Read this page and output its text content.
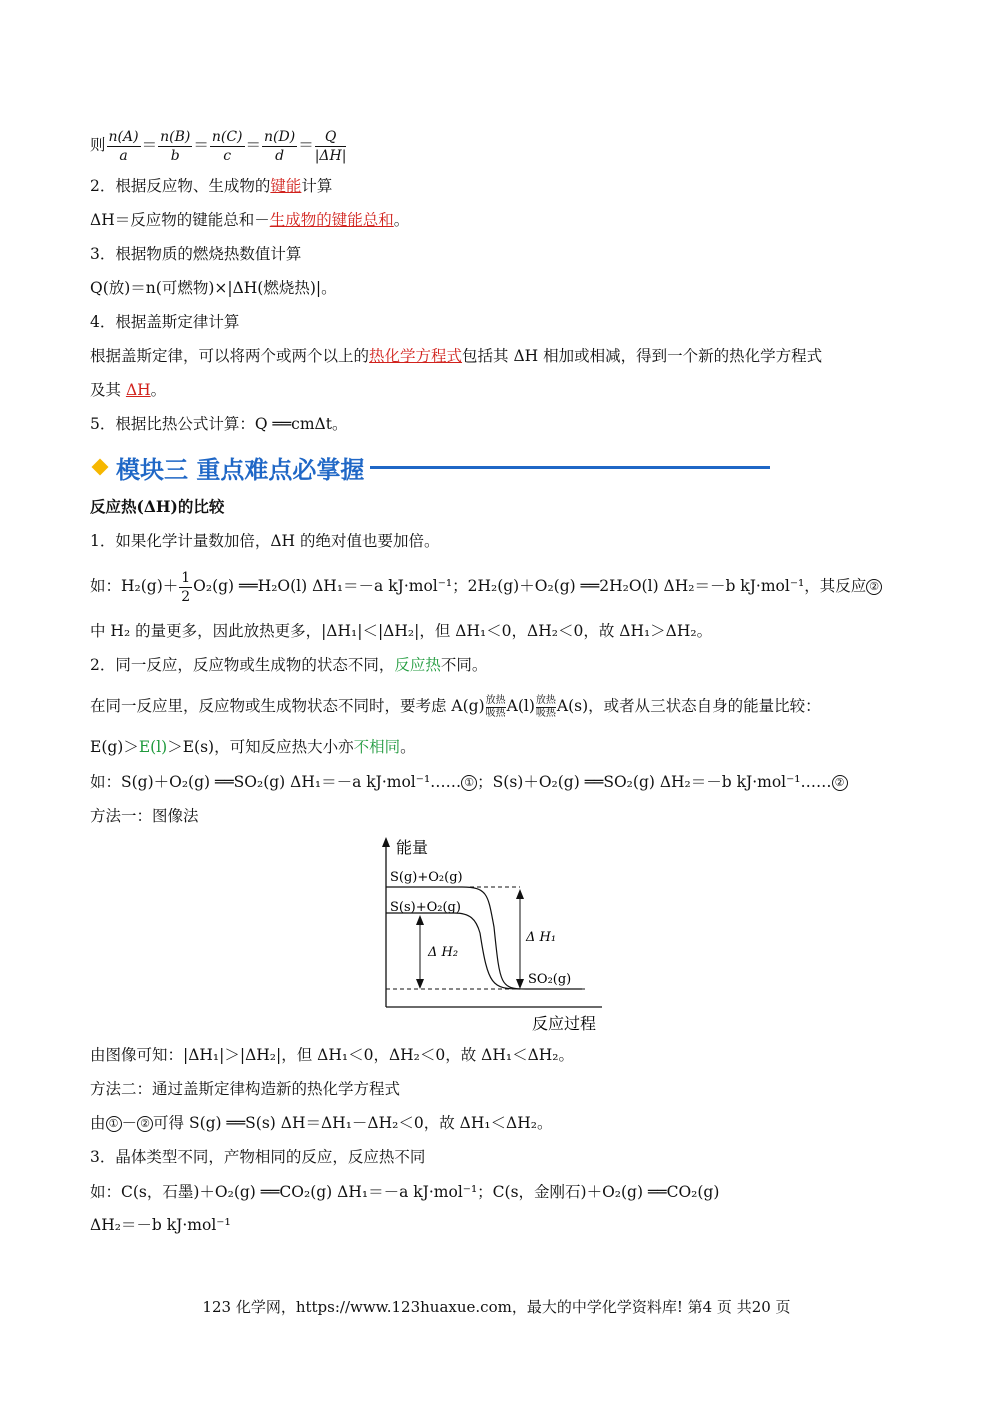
则 $\frac{n(A)}{a} = \frac{n(B)}{b} = \frac{n(C)}{c} = \frac{n(D)}{d} = \frac{Q}{|\Delta H|}$
2．根据反应物、生成物的键能计算
ΔH＝反应物的键能总和－生成物的键能总和。
3．根据物质的燃烧热数值计算
Q(放)＝n(可燃物)×|ΔH(燃烧热)|。
4．根据盖斯定律计算
根据盖斯定律，可以将两个或两个以上的热化学方程式包括其 ΔH 相加或相减，得到一个新的热化学方程式
及其 ΔH。
5．根据比热公式计算：Q ══cmΔt。
模块三 重点难点必掌握
反应热(ΔH)的比较
1．如果化学计量数加倍，ΔH 的绝对值也要加倍。
如：$H_2(g)+ \frac{1}{2} O_2(g)$ ══H₂O(l) ΔH₁＝－a kJ·mol⁻¹；2H₂(g)＋O₂(g) ══2H₂O(l) ΔH₂＝－b kJ·mol⁻¹，其反应 ②
中 H₂ 的量更多，因此放热更多，|ΔH₁|＜|ΔH₂|，但 ΔH₁＜0，ΔH₂＜0，故 ΔH₁＞ΔH₂。
2．同一反应，反应物或生成物的状态不同，反应热不同。
在同一反应里，反应物或生成物状态不同时，要考虑 A(g) 放热
吸热A(l) 放热
吸热A(s)，或者从三状态自身的能量比较：
E(g)＞E(l)＞E(s)，可知反应热大小亦不相同。
如：S(g)＋O₂(g) ══SO₂(g) ΔH₁＝－a kJ·mol⁻¹…… ① ；S(s)＋O₂(g) ══SO₂(g) ΔH₂＝－b kJ·mol⁻¹…… ②
方法一：图像法
能量
S(g)+O₂(g)
S(s)+O₂(g)
Δ H₂
Δ H₁
SO₂(g)
反应过程
由图像可知：|ΔH₁|＞|ΔH₂|，但 ΔH₁＜0，ΔH₂＜0，故 ΔH₁＜ΔH₂。
方法二：通过盖斯定律构造新的热化学方程式
由 ① － ② 可得 S(g) ══S(s) ΔH＝ΔH₁－ΔH₂＜0，故 ΔH₁＜ΔH₂。
3．晶体类型不同，产物相同的反应，反应热不同
如：C(s，石墨)＋O₂(g) ══CO₂(g) ΔH₁＝－a kJ·mol⁻¹；C(s，金刚石)＋O₂(g) ══CO₂(g)
ΔH₂＝－b kJ·mol⁻¹
123 化学网，https://www.123huaxue.com，最大的中学化学资料库! 第4 页 共20 页
